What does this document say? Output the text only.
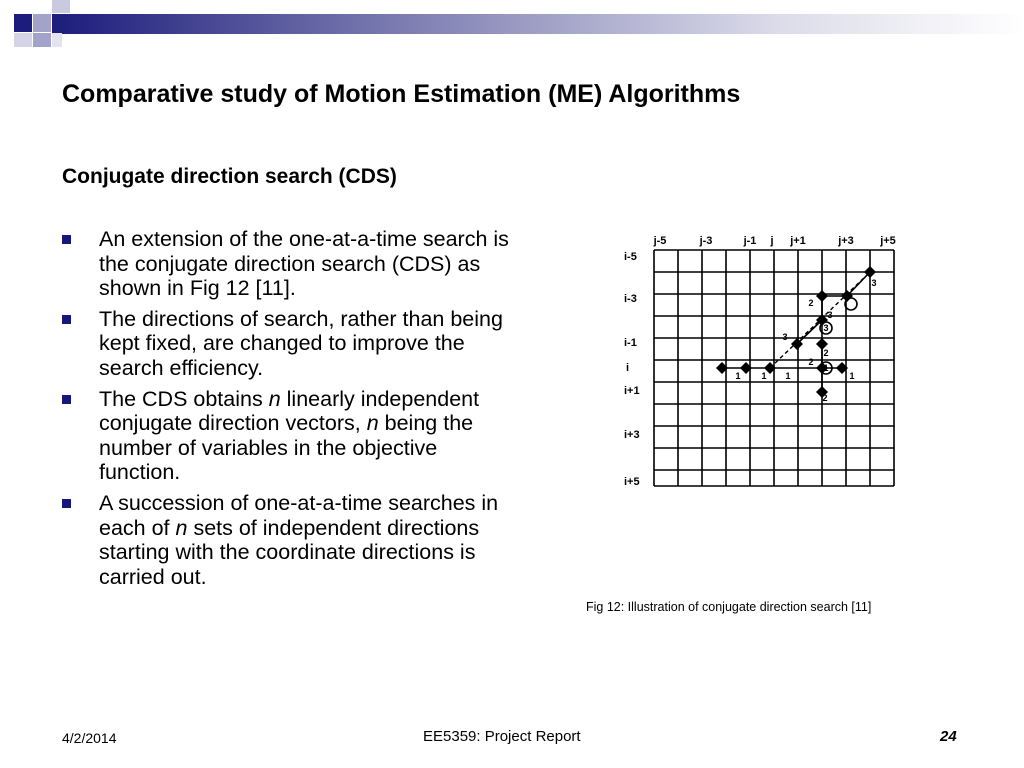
Comparative study of Motion Estimation (ME) Algorithms
Conjugate direction search (CDS)
An extension of the one-at-a-time search is the conjugate direction search (CDS) as shown in Fig 12 [11].
The directions of search, rather than being kept fixed, are changed to improve the search efficiency.
The CDS obtains n linearly independent conjugate direction vectors, n being the number of variables in the objective function.
A succession of one-at-a-time searches in each of n sets of independent directions starting with the coordinate directions is carried out.
j-5	j-3	j-1 j j+1	j+3 j+5
i-5
i-3
i-1
i
i+1
i+3
i+5
1 1 1
1
1
2
2
2
2
3
3
3
3
Fig 12: Illustration of conjugate direction search [11]
4/2/2014	EE5359: Project Report	24
